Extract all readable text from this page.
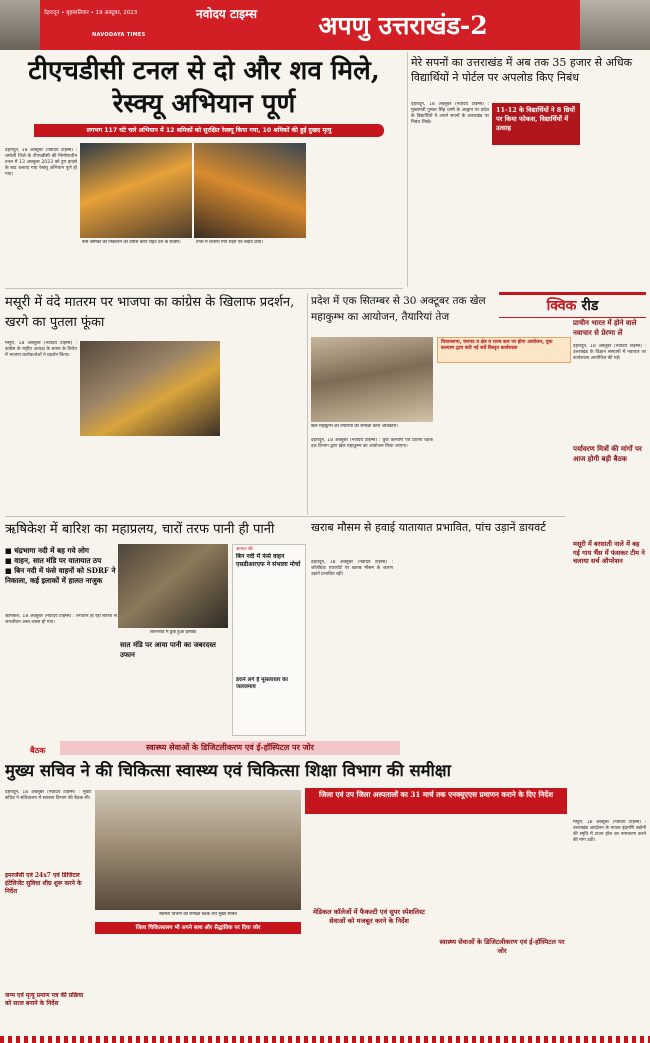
देहरादून • बृहस्पतिवार • 19 अक्टूबर, 2023	नवोदय टाइम्स
NAVODAYA TIMES	अपणु उत्तराखंड-2
टीएचडीसी टनल से दो और शव मिले, रेस्क्यू अभियान पूर्ण
लगभग 117 घंटे चले अभियान में 12 श्रमिकों को सुरक्षित रेस्क्यू किया गया, 10 श्रमिकों की हुई दुखद मृत्यु

देहरादून, 18 अक्तूबर (नवोदय टाइम्स) : चमोली जिले के टीएचडीसी की निर्माणाधीन टनल में 13 अक्तूबर 2023 को हुए हादसे के बाद चलाया गया रेस्क्यू अभियान पूर्ण हो गया।

फंसे श्रमिकों को निकालने का प्रयास करते राहत दल के सदस्य।	टनल में चलाया गया राहत एवं बचाव कार्य।
मेरे सपनों का उत्तराखंड में अब तक 35 हजार से अधिक विद्यार्थियों ने पोर्टल पर अपलोड किए निबंध
देहरादून, 18 अक्तूबर (नवोदय टाइम्स) : मुख्यमंत्री पुष्कर सिंह धामी के आह्वान पर प्रदेश के विद्यार्थियों ने अपने सपनों के उत्तराखंड पर निबंध लिखे।
11-12 के विद्यार्थियों ने 8 थ्रियों पर किया फोकस, विद्यार्थियों में उत्साह
मसूरी में वंदे मातरम पर भाजपा का कांग्रेस के खिलाफ प्रदर्शन, खरगे का पुतला फूंका

मसूरी, 18 अक्तूबर (नवोदय टाइम्स) : कांग्रेस के राष्ट्रीय अध्यक्ष के बयान के विरोध में भाजपा कार्यकर्ताओं ने प्रदर्शन किया।

प्रदेश में एक सितम्बर से 30 अक्टूबर तक खेल महाकुम्भ का आयोजन, तैयारियां तेज
खेल महाकुम्भ की तैयारियों की समीक्षा करते अधिकारी।

देहरादून, 18 अक्तूबर (नवोदय टाइम्स) : युवा कल्याण एवं प्रांतीय रक्षक दल विभाग द्वारा खेल महाकुम्भ का आयोजन किया जाएगा।

विधानसभा, जनपद व क्षेत्र व राज्य स्तर पर होगा आयोजन, युवा कल्याण द्वारा करी गई सर्वे विस्तृत कार्यशाला
क्विक रीड
प्राचीन भारत में होने वाले नवाचार से प्रेरणा लें

देहरादून, 18 अक्तूबर (नवोदय टाइम्स) : उत्तराखंड के विज्ञान संस्थानों में नवाचार पर कार्यशाला आयोजित की गई।

पर्यावरण मित्रों की मांगों पर आज होगी बड़ी बैठक
मसूरी में बरसाती नाले में बह गई गाय भैंस में फंसकर टीम ने चलाया सर्च ऑपरेशन
ऋषिकेश में बारिश का महाप्रलय, चारों तरफ पानी ही पानी
■ चंद्रभागा नदी में बह गये लोग
■ वाहन, सात मंडि पर यातायात ठप
■ बिन नदी में फंसे वाहनों को SDRF ने निकाला, कई इलाकों में हालत नाजुक
जलभराव में डूबा हुआ इलाका
सात मंडि पर आया पानी का जबरदस्त उफान

ऋषिकेश, 18 अक्तूबर (नवोदय टाइम्स) : लगातार हो रही बारिश से जनजीवन अस्त-व्यस्त हो गया।

आफत की
बिन नदी में फंसे वाहन एसडीआरएफ ने संभाला मोर्चा
डराने लगे हैं मूसलाधार का जलजमाव
खराब मौसम से हवाई यातायात प्रभावित, पांच उड़ानें डायवर्ट

देहरादून, 18 अक्तूबर (नवोदय टाइम्स) : जॉलीग्रांट एयरपोर्ट पर खराब मौसम के कारण उड़ानें प्रभावित रहीं।

बैठक	स्वास्थ्य सेवाओं के डिजिटलीकरण एवं ई-हॉस्पिटल पर जोर
मुख्य सचिव ने की चिकित्सा स्वास्थ्य एवं चिकित्सा शिक्षा विभाग की समीक्षा

देहरादून, 18 अक्तूबर (नवोदय टाइम्स) : मुख्य सचिव ने सचिवालय में स्वास्थ्य विभाग की बैठक ली।

इमरजेंसी एवं 24x7 एवं डिजिटल इंटेलिजेंट सुविधा शीघ्र शुरू करने के निर्देश
जन्म एवं मृत्यु प्रमाण पत्र की प्रक्रिया को सरल बनाने के निर्देश
स्वास्थ्य विभाग की समीक्षा बैठक लेते मुख्य सचिव
जिला चिकित्सालय भी अपने साथ और सैद्धांतिक पर दिया जोर
जिला एवं उप जिला अस्पतालों का 31 मार्च तक एनक्यूएएस प्रमाणन कराने के दिए निर्देश
मेडिकल कॉलेजों में फैकल्टी एवं सुपर स्पेशलिस्ट सेवाओं को मजबूत करने के निर्देश
स्वास्थ्य सेवाओं के डिजिटलीकरण एवं ई-हॉस्पिटल पर जोर

मसूरी, 18 अक्तूबर (नवोदय टाइम्स) : उत्तराखंड आंदोलन के नायक इंद्रमणि बडोनी की स्मृति में टाउन हॉल का नामकरण करने की मांग उठी।
